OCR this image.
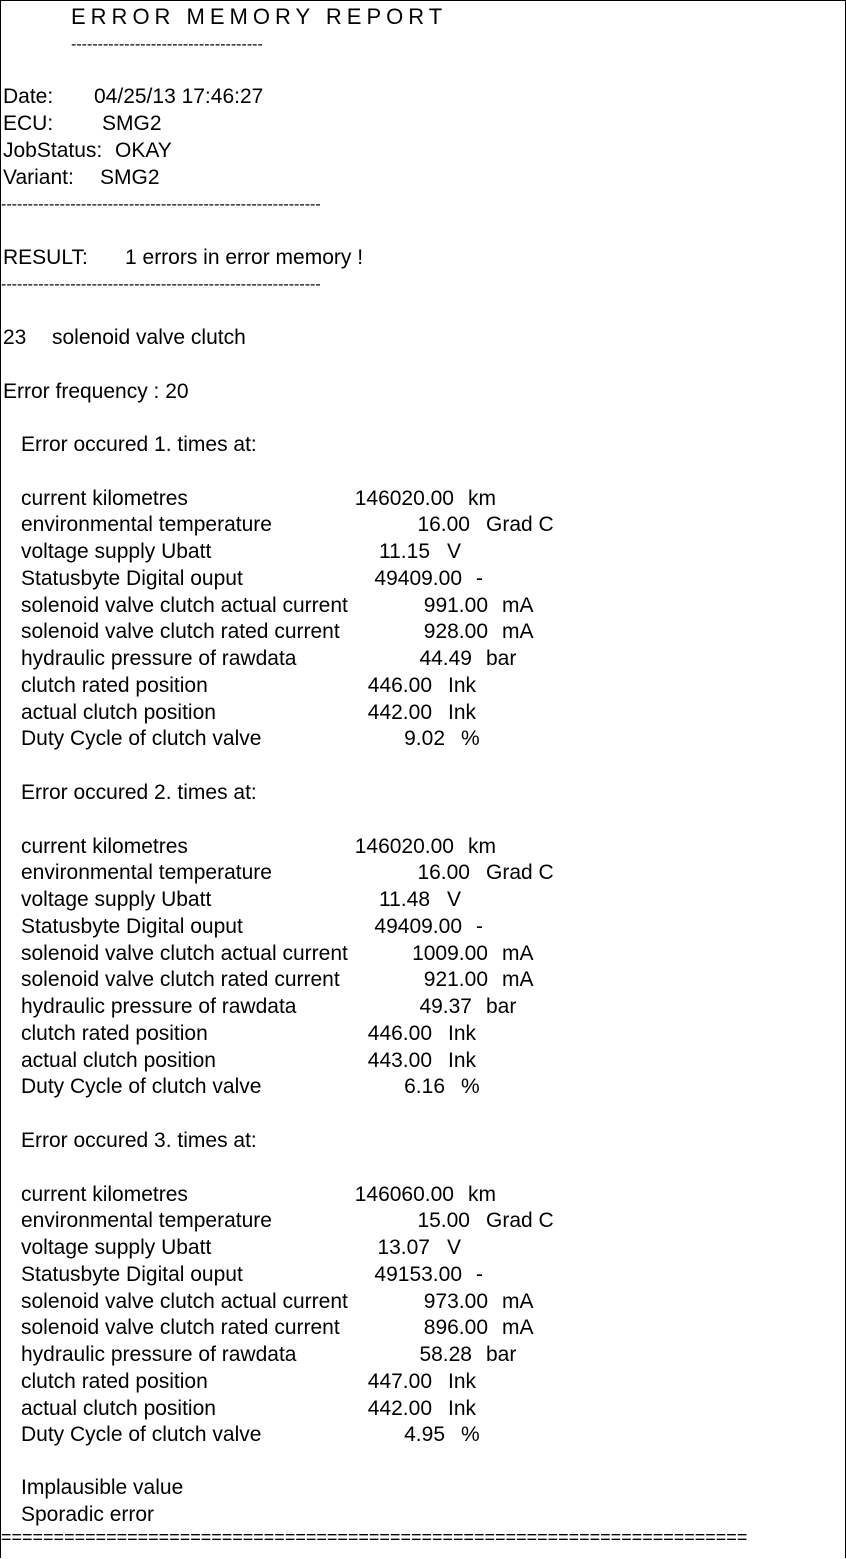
ERROR MEMORY REPORT
------------------------------------
Date: 04/25/13 17:46:27
ECU: SMG2
JobStatus: OKAY
Variant: SMG2
------------------------------------------------------------
RESULT: 1 errors in error memory !
------------------------------------------------------------
23 solenoid valve clutch
Error frequency : 20
Error occured 1. times at:
current kilometres	146020.00 km
environmental temperature	16.00 Grad C
voltage supply Ubatt	11.15 V
Statusbyte Digital ouput	49409.00 -
solenoid valve clutch actual current	991.00 mA
solenoid valve clutch rated current	928.00 mA
hydraulic pressure of rawdata	44.49 bar
clutch rated position	446.00 Ink
actual clutch position	442.00 Ink
Duty Cycle of clutch valve	9.02 %
Error occured 2. times at:
current kilometres	146020.00 km
environmental temperature	16.00 Grad C
voltage supply Ubatt	11.48 V
Statusbyte Digital ouput	49409.00 -
solenoid valve clutch actual current	1009.00 mA
solenoid valve clutch rated current	921.00 mA
hydraulic pressure of rawdata	49.37 bar
clutch rated position	446.00 Ink
actual clutch position	443.00 Ink
Duty Cycle of clutch valve	6.16 %
Error occured 3. times at:
current kilometres	146060.00 km
environmental temperature	15.00 Grad C
voltage supply Ubatt	13.07 V
Statusbyte Digital ouput	49153.00 -
solenoid valve clutch actual current	973.00 mA
solenoid valve clutch rated current	896.00 mA
hydraulic pressure of rawdata	58.28 bar
clutch rated position	447.00 Ink
actual clutch position	442.00 Ink
Duty Cycle of clutch valve	4.95 %
Implausible value
Sporadic error
=======================================================================
